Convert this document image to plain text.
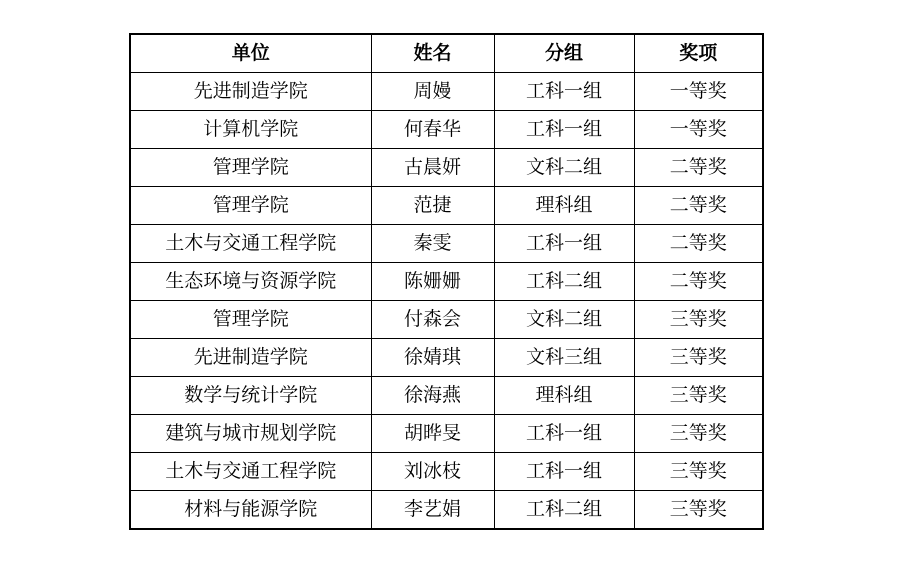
单位	姓名	分组	奖项
先进制造学院	周嫚	工科一组	一等奖
计算机学院	何春华	工科一组	一等奖
管理学院	古晨妍	文科二组	二等奖
管理学院	范捷	理科组	二等奖
土木与交通工程学院	秦雯	工科一组	二等奖
生态环境与资源学院	陈姗姗	工科二组	二等奖
管理学院	付森会	文科二组	三等奖
先进制造学院	徐婧琪	文科三组	三等奖
数学与统计学院	徐海燕	理科组	三等奖
建筑与城市规划学院	胡晔旻	工科一组	三等奖
土木与交通工程学院	刘冰枝	工科一组	三等奖
材料与能源学院	李艺娟	工科二组	三等奖
